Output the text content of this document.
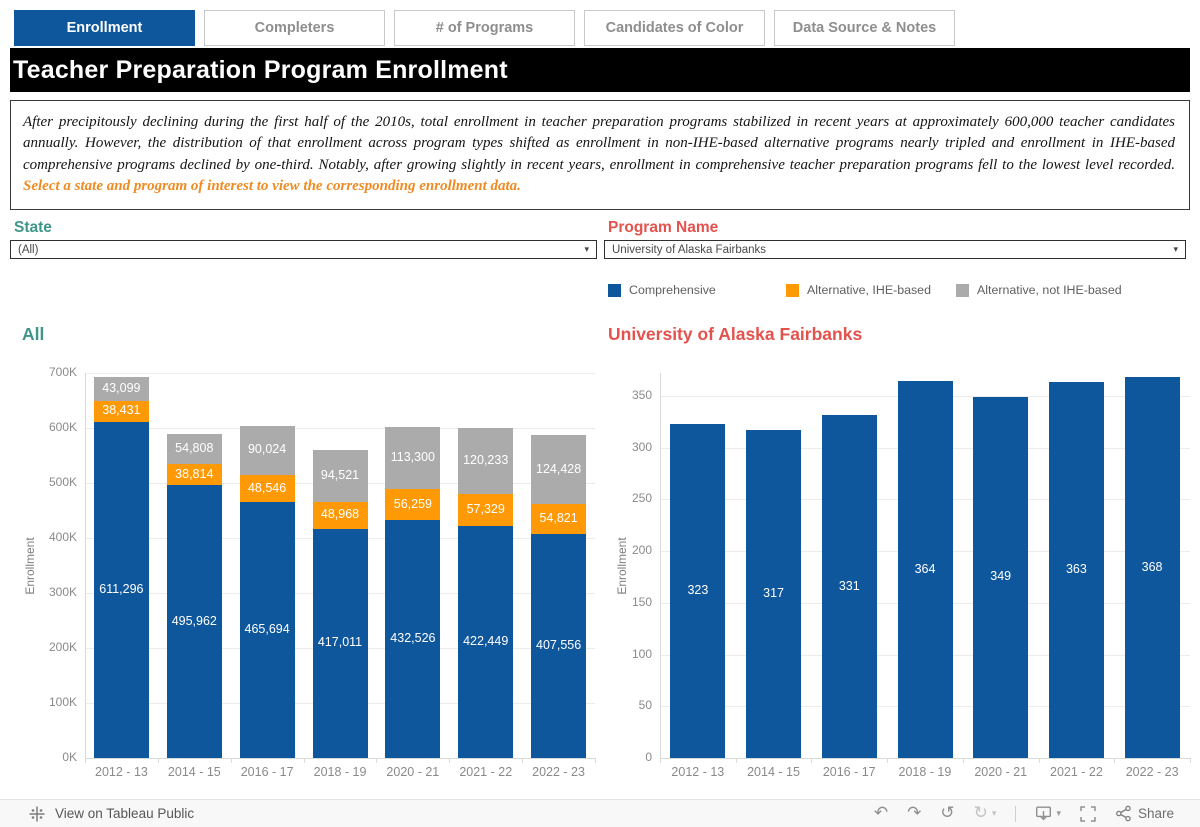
Enrollment	Completers	# of Programs	Candidates of Color	Data Source & Notes
Teacher Preparation Program Enrollment
After precipitously declining during the first half of the 2010s, total enrollment in teacher preparation programs stabilized in recent years at approximately 600,000 teacher candidates annually. However, the distribution of that enrollment across program types shifted as enrollment in non-IHE-based alternative programs nearly tripled and enrollment in IHE-based comprehensive programs declined by one-third. Notably, after growing slightly in recent years, enrollment in comprehensive teacher preparation programs fell to the lowest level recorded. Select a state and program of interest to view the corresponding enrollment data.
State
(All)	▾
Program Name
University of Alaska Fairbanks	▾
Comprehensive	Alternative, IHE-based	Alternative, not IHE-based
All
0K
100K
200K
300K
400K
500K
600K
700K
611,296
38,431
43,099
2012 - 13
495,962
38,814
54,808
2014 - 15
465,694
48,546
90,024
2016 - 17
417,011
48,968
94,521
2018 - 19
432,526
56,259
113,300
2020 - 21
422,449
57,329
120,233
2021 - 22
407,556
54,821
124,428
2022 - 23
Enrollment
University of Alaska Fairbanks
0
50
100
150
200
250
300
350
323
2012 - 13
317
2014 - 15
331
2016 - 17
364
2018 - 19
349
2020 - 21
363
2021 - 22
368
2022 - 23
Enrollment
View on Tableau Public	↶ ↷ ↺ ↻ ▾	▾	Share
